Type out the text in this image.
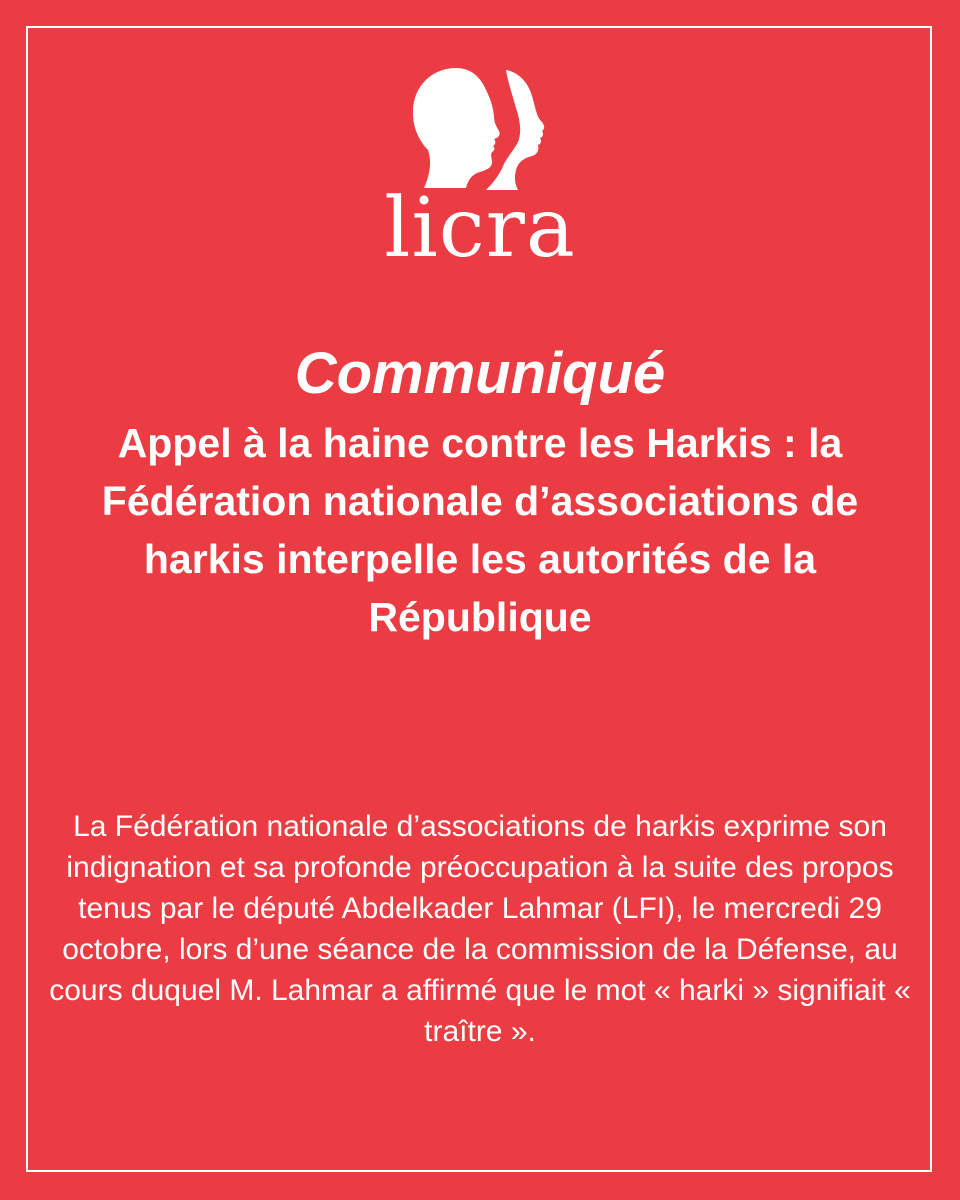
licra
Communiqué
Appel à la haine contre les Harkis : la Fédération nationale d’associations de harkis interpelle les autorités de la République

La Fédération nationale d’associations de harkis exprime son indignation et sa profonde préoccupation à la suite des propos tenus par le député Abdelkader Lahmar (LFI), le mercredi 29 octobre, lors d’une séance de la commission de la Défense, au cours duquel M. Lahmar a affirmé que le mot « harki » signifiait « traître ».
